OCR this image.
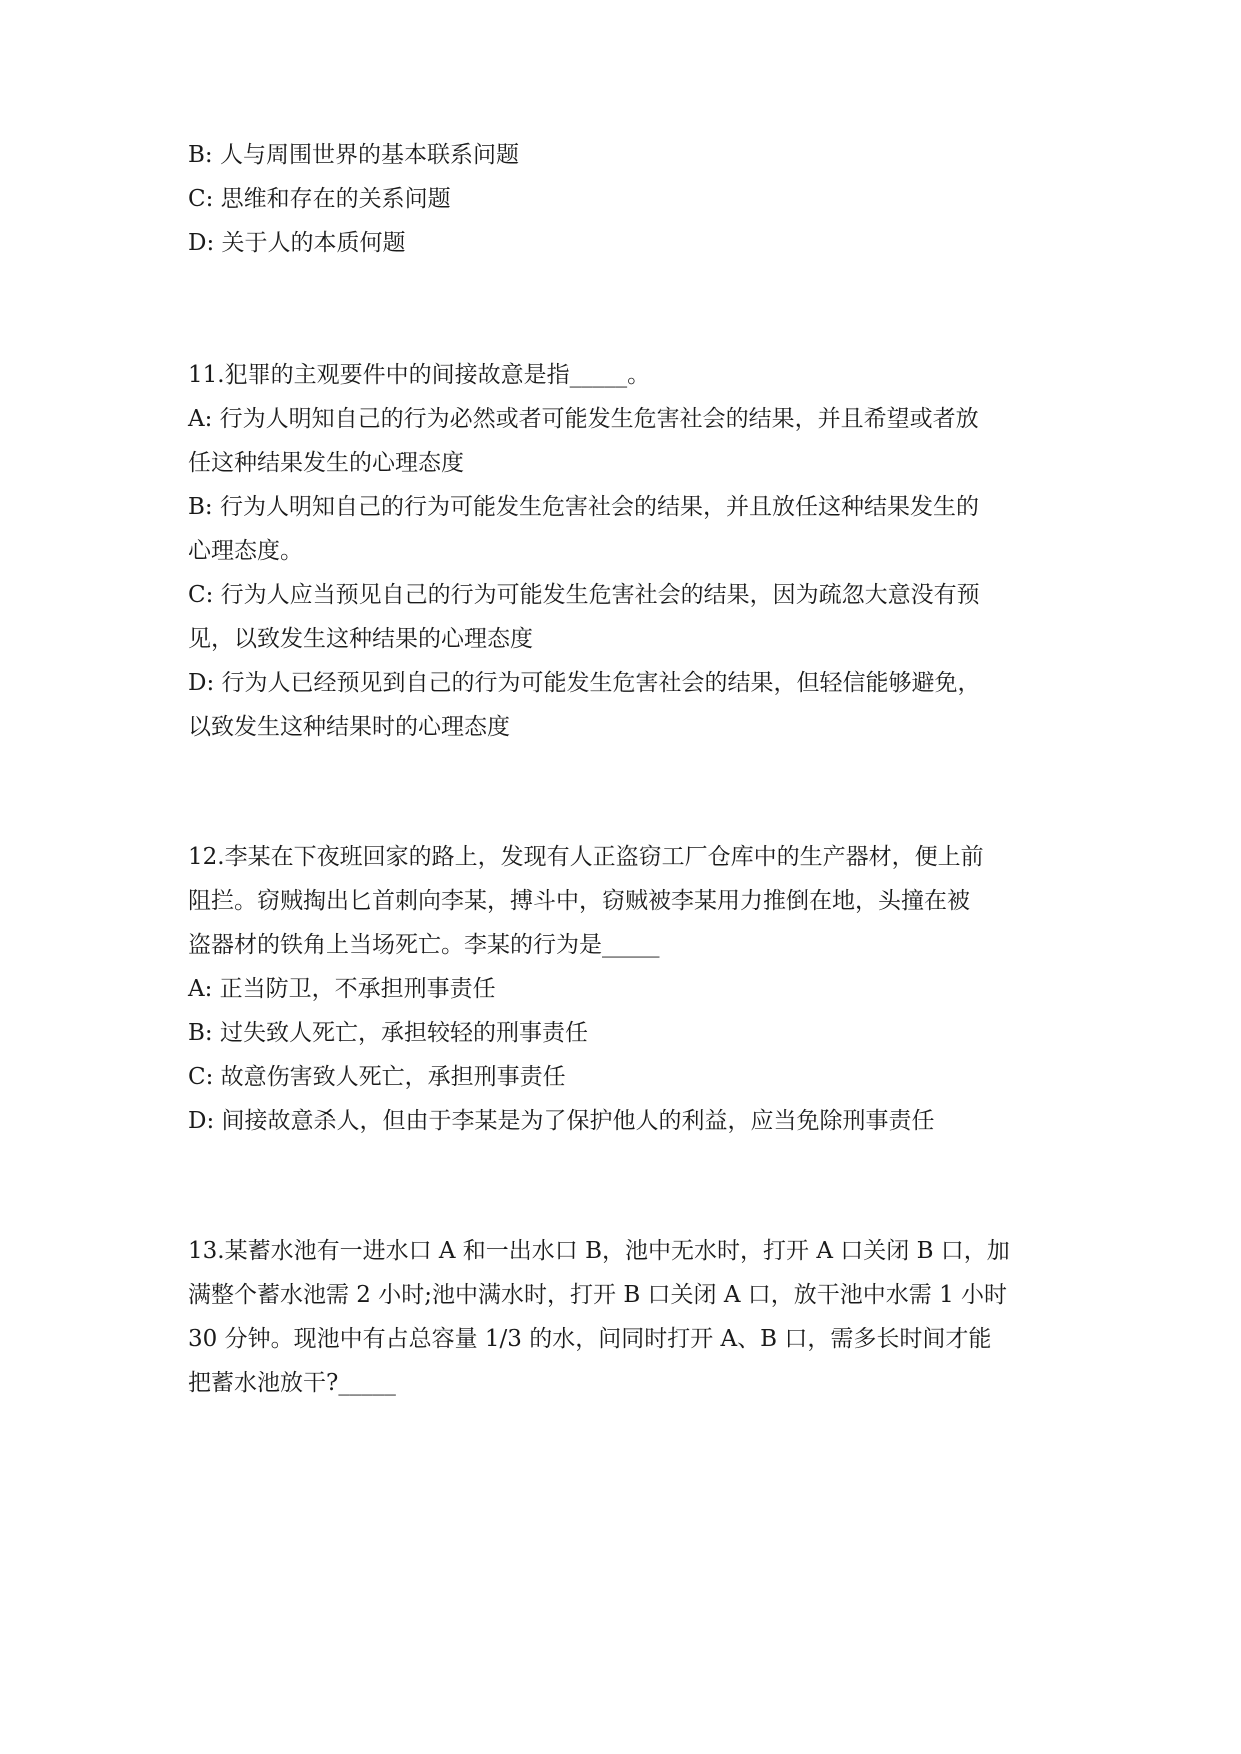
B: 人与周围世界的基本联系问题
C: 思维和存在的关系问题
D: 关于人的本质何题
11.犯罪的主观要件中的间接故意是指_____。
A: 行为人明知自己的行为必然或者可能发生危害社会的结果，并且希望或者放
任这种结果发生的心理态度
B: 行为人明知自己的行为可能发生危害社会的结果，并且放任这种结果发生的
心理态度。
C: 行为人应当预见自己的行为可能发生危害社会的结果，因为疏忽大意没有预
见，以致发生这种结果的心理态度
D: 行为人已经预见到自己的行为可能发生危害社会的结果，但轻信能够避免，
以致发生这种结果时的心理态度
12.李某在下夜班回家的路上，发现有人正盗窃工厂仓库中的生产器材，便上前
阻拦。窃贼掏出匕首刺向李某，搏斗中，窃贼被李某用力推倒在地，头撞在被
盗器材的铁角上当场死亡。李某的行为是_____
A: 正当防卫，不承担刑事责任
B: 过失致人死亡，承担较轻的刑事责任
C: 故意伤害致人死亡，承担刑事责任
D: 间接故意杀人，但由于李某是为了保护他人的利益，应当免除刑事责任
13.某蓄水池有一进水口 A 和一出水口 B，池中无水时，打开 A 口关闭 B 口，加
满整个蓄水池需 2 小时;池中满水时，打开 B 口关闭 A 口，放干池中水需 1 小时
30 分钟。现池中有占总容量 1/3 的水，问同时打开 A、B 口，需多长时间才能
把蓄水池放干?_____
